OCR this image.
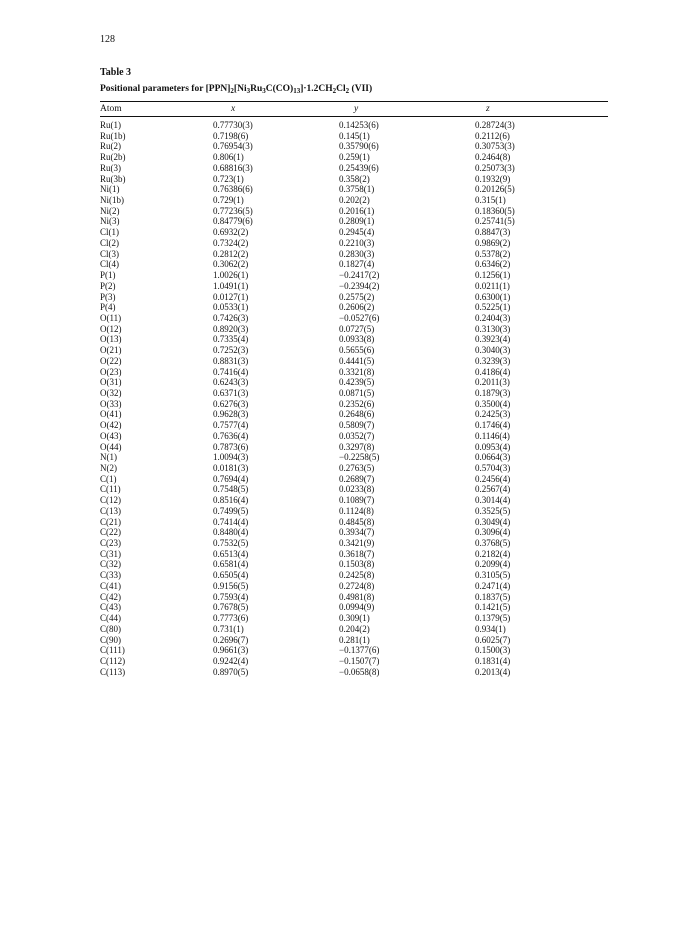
128
Table 3
Positional parameters for $[PPN]_2[Ni_3Ru_3C(CO)_{13}]\cdot 1.2CH_2Cl_2$ (VII)
Atom	x	y	z
Ru(1)	0.77730(3)	0.14253(6)	0.28724(3)
Ru(1b)	0.7198(6)	0.145(1)	0.2112(6)
Ru(2)	0.76954(3)	0.35790(6)	0.30753(3)
Ru(2b)	0.806(1)	0.259(1)	0.2464(8)
Ru(3)	0.68816(3)	0.25439(6)	0.25073(3)
Ru(3b)	0.723(1)	0.358(2)	0.1932(9)
Ni(1)	0.76386(6)	0.3758(1)	0.20126(5)
Ni(1b)	0.729(1)	0.202(2)	0.315(1)
Ni(2)	0.77236(5)	0.2016(1)	0.18360(5)
Ni(3)	0.84779(6)	0.2809(1)	0.25741(5)
Cl(1)	0.6932(2)	0.2945(4)	0.8847(3)
Cl(2)	0.7324(2)	0.2210(3)	0.9869(2)
Cl(3)	0.2812(2)	0.2830(3)	0.5378(2)
Cl(4)	0.3062(2)	0.1827(4)	0.6346(2)
P(1)	1.0026(1)	−0.2417(2)	0.1256(1)
P(2)	1.0491(1)	−0.2394(2)	0.0211(1)
P(3)	0.0127(1)	0.2575(2)	0.6300(1)
P(4)	0.0533(1)	0.2606(2)	0.5225(1)
O(11)	0.7426(3)	−0.0527(6)	0.2404(3)
O(12)	0.8920(3)	0.0727(5)	0.3130(3)
O(13)	0.7335(4)	0.0933(8)	0.3923(4)
O(21)	0.7252(3)	0.5655(6)	0.3040(3)
O(22)	0.8831(3)	0.4441(5)	0.3239(3)
O(23)	0.7416(4)	0.3321(8)	0.4186(4)
O(31)	0.6243(3)	0.4239(5)	0.2011(3)
O(32)	0.6371(3)	0.0871(5)	0.1879(3)
O(33)	0.6276(3)	0.2352(6)	0.3500(4)
O(41)	0.9628(3)	0.2648(6)	0.2425(3)
O(42)	0.7577(4)	0.5809(7)	0.1746(4)
O(43)	0.7636(4)	0.0352(7)	0.1146(4)
O(44)	0.7873(6)	0.3297(8)	0.0953(4)
N(1)	1.0094(3)	−0.2258(5)	0.0664(3)
N(2)	0.0181(3)	0.2763(5)	0.5704(3)
C(1)	0.7694(4)	0.2689(7)	0.2456(4)
C(11)	0.7548(5)	0.0233(8)	0.2567(4)
C(12)	0.8516(4)	0.1089(7)	0.3014(4)
C(13)	0.7499(5)	0.1124(8)	0.3525(5)
C(21)	0.7414(4)	0.4845(8)	0.3049(4)
C(22)	0.8480(4)	0.3934(7)	0.3096(4)
C(23)	0.7532(5)	0.3421(9)	0.3768(5)
C(31)	0.6513(4)	0.3618(7)	0.2182(4)
C(32)	0.6581(4)	0.1503(8)	0.2099(4)
C(33)	0.6505(4)	0.2425(8)	0.3105(5)
C(41)	0.9156(5)	0.2724(8)	0.2471(4)
C(42)	0.7593(4)	0.4981(8)	0.1837(5)
C(43)	0.7678(5)	0.0994(9)	0.1421(5)
C(44)	0.7773(6)	0.309(1)	0.1379(5)
C(80)	0.731(1)	0.204(2)	0.934(1)
C(90)	0.2696(7)	0.281(1)	0.6025(7)
C(111)	0.9661(3)	−0.1377(6)	0.1500(3)
C(112)	0.9242(4)	−0.1507(7)	0.1831(4)
C(113)	0.8970(5)	−0.0658(8)	0.2013(4)
